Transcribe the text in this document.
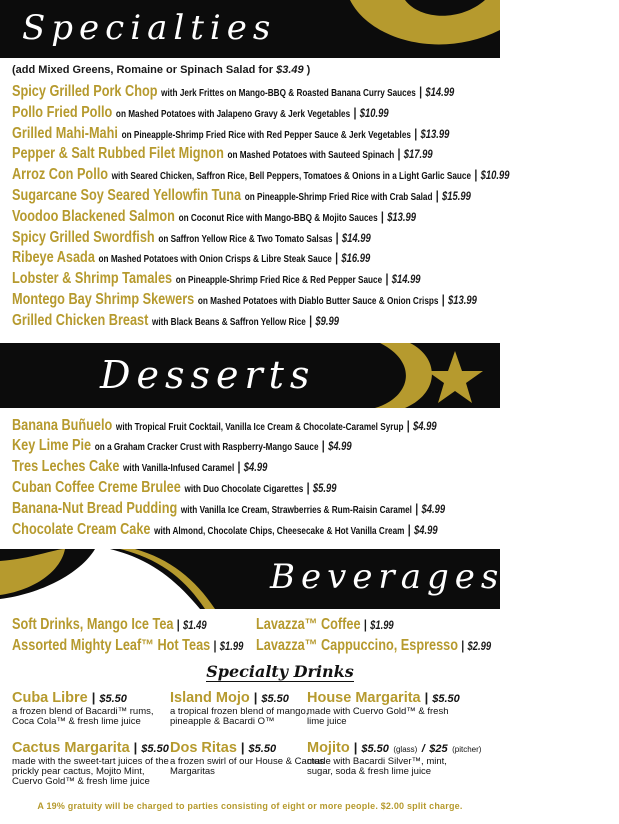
Specialties
(add Mixed Greens, Romaine or Spinach Salad for $3.49 )
Spicy Grilled Pork Chop with Jerk Frittes on Mango-BBQ & Roasted Banana Curry Sauces | $14.99
Pollo Fried Pollo on Mashed Potatoes with Jalapeno Gravy & Jerk Vegetables | $10.99
Grilled Mahi-Mahi on Pineapple-Shrimp Fried Rice with Red Pepper Sauce & Jerk Vegetables | $13.99
Pepper & Salt Rubbed Filet Mignon on Mashed Potatoes with Sauteed Spinach | $17.99
Arroz Con Pollo with Seared Chicken, Saffron Rice, Bell Peppers, Tomatoes & Onions in a Light Garlic Sauce | $10.99
Sugarcane Soy Seared Yellowfin Tuna on Pineapple-Shrimp Fried Rice with Crab Salad | $15.99
Voodoo Blackened Salmon on Coconut Rice with Mango-BBQ & Mojito Sauces | $13.99
Spicy Grilled Swordfish on Saffron Yellow Rice & Two Tomato Salsas | $14.99
Ribeye Asada on Mashed Potatoes with Onion Crisps & Libre Steak Sauce | $16.99
Lobster & Shrimp Tamales on Pineapple-Shrimp Fried Rice & Red Pepper Sauce | $14.99
Montego Bay Shrimp Skewers on Mashed Potatoes with Diablo Butter Sauce & Onion Crisps | $13.99
Grilled Chicken Breast with Black Beans & Saffron Yellow Rice | $9.99
Desserts
Banana Buñuelo with Tropical Fruit Cocktail, Vanilla Ice Cream & Chocolate-Caramel Syrup | $4.99
Key Lime Pie on a Graham Cracker Crust with Raspberry-Mango Sauce | $4.99
Tres Leches Cake with Vanilla-Infused Caramel | $4.99
Cuban Coffee Creme Brulee with Duo Chocolate Cigarettes | $5.99
Banana-Nut Bread Pudding with Vanilla Ice Cream, Strawberries & Rum-Raisin Caramel | $4.99
Chocolate Cream Cake with Almond, Chocolate Chips, Cheesecake & Hot Vanilla Cream | $4.99
Beverages
Soft Drinks, Mango Ice Tea | $1.49	Lavazza™ Coffee | $1.99
Assorted Mighty Leaf™ Hot Teas | $1.99 Lavazza™ Cappuccino, Espresso | $2.99
Specialty Drinks
Cuba Libre | $5.50
a frozen blend of Bacardi™ rums, Coca Cola™ & fresh lime juice
Island Mojo | $5.50
a tropical frozen blend of mango, pineapple & Bacardi O™
House Margarita | $5.50
made with Cuervo Gold™ & fresh lime juice
Cactus Margarita | $5.50
made with the sweet-tart juices of the prickly pear cactus, Mojito Mint, Cuervo Gold™ & fresh lime juice
Dos Ritas | $5.50
a frozen swirl of our House & Cactus Margaritas
Mojito | $5.50 (glass) / $25 (pitcher)
made with Bacardi Silver™, mint, sugar, soda & fresh lime juice
A 19% gratuity will be charged to parties consisting of eight or more people. $2.00 split charge.
